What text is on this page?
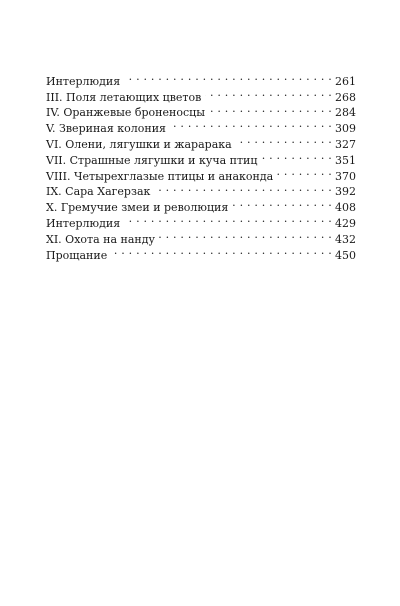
Интерлюдия . . .	261
III. Поля летающих цветов . . .	268
IV. Оранжевые броненосцы . . .	284
V. Звериная колония . . .	309
VI. Олени, лягушки и жарарака . . .	327
VII. Страшные лягушки и куча птиц . . .	351
VIII. Четырехглазые птицы и анаконда . . .	370
IX. Сара Хагерзак . . .	392
X. Гремучие змеи и революция . . .	408
Интерлюдия . . .	429
XI. Охота на нанду . . .	432
Прощание . . .	450
